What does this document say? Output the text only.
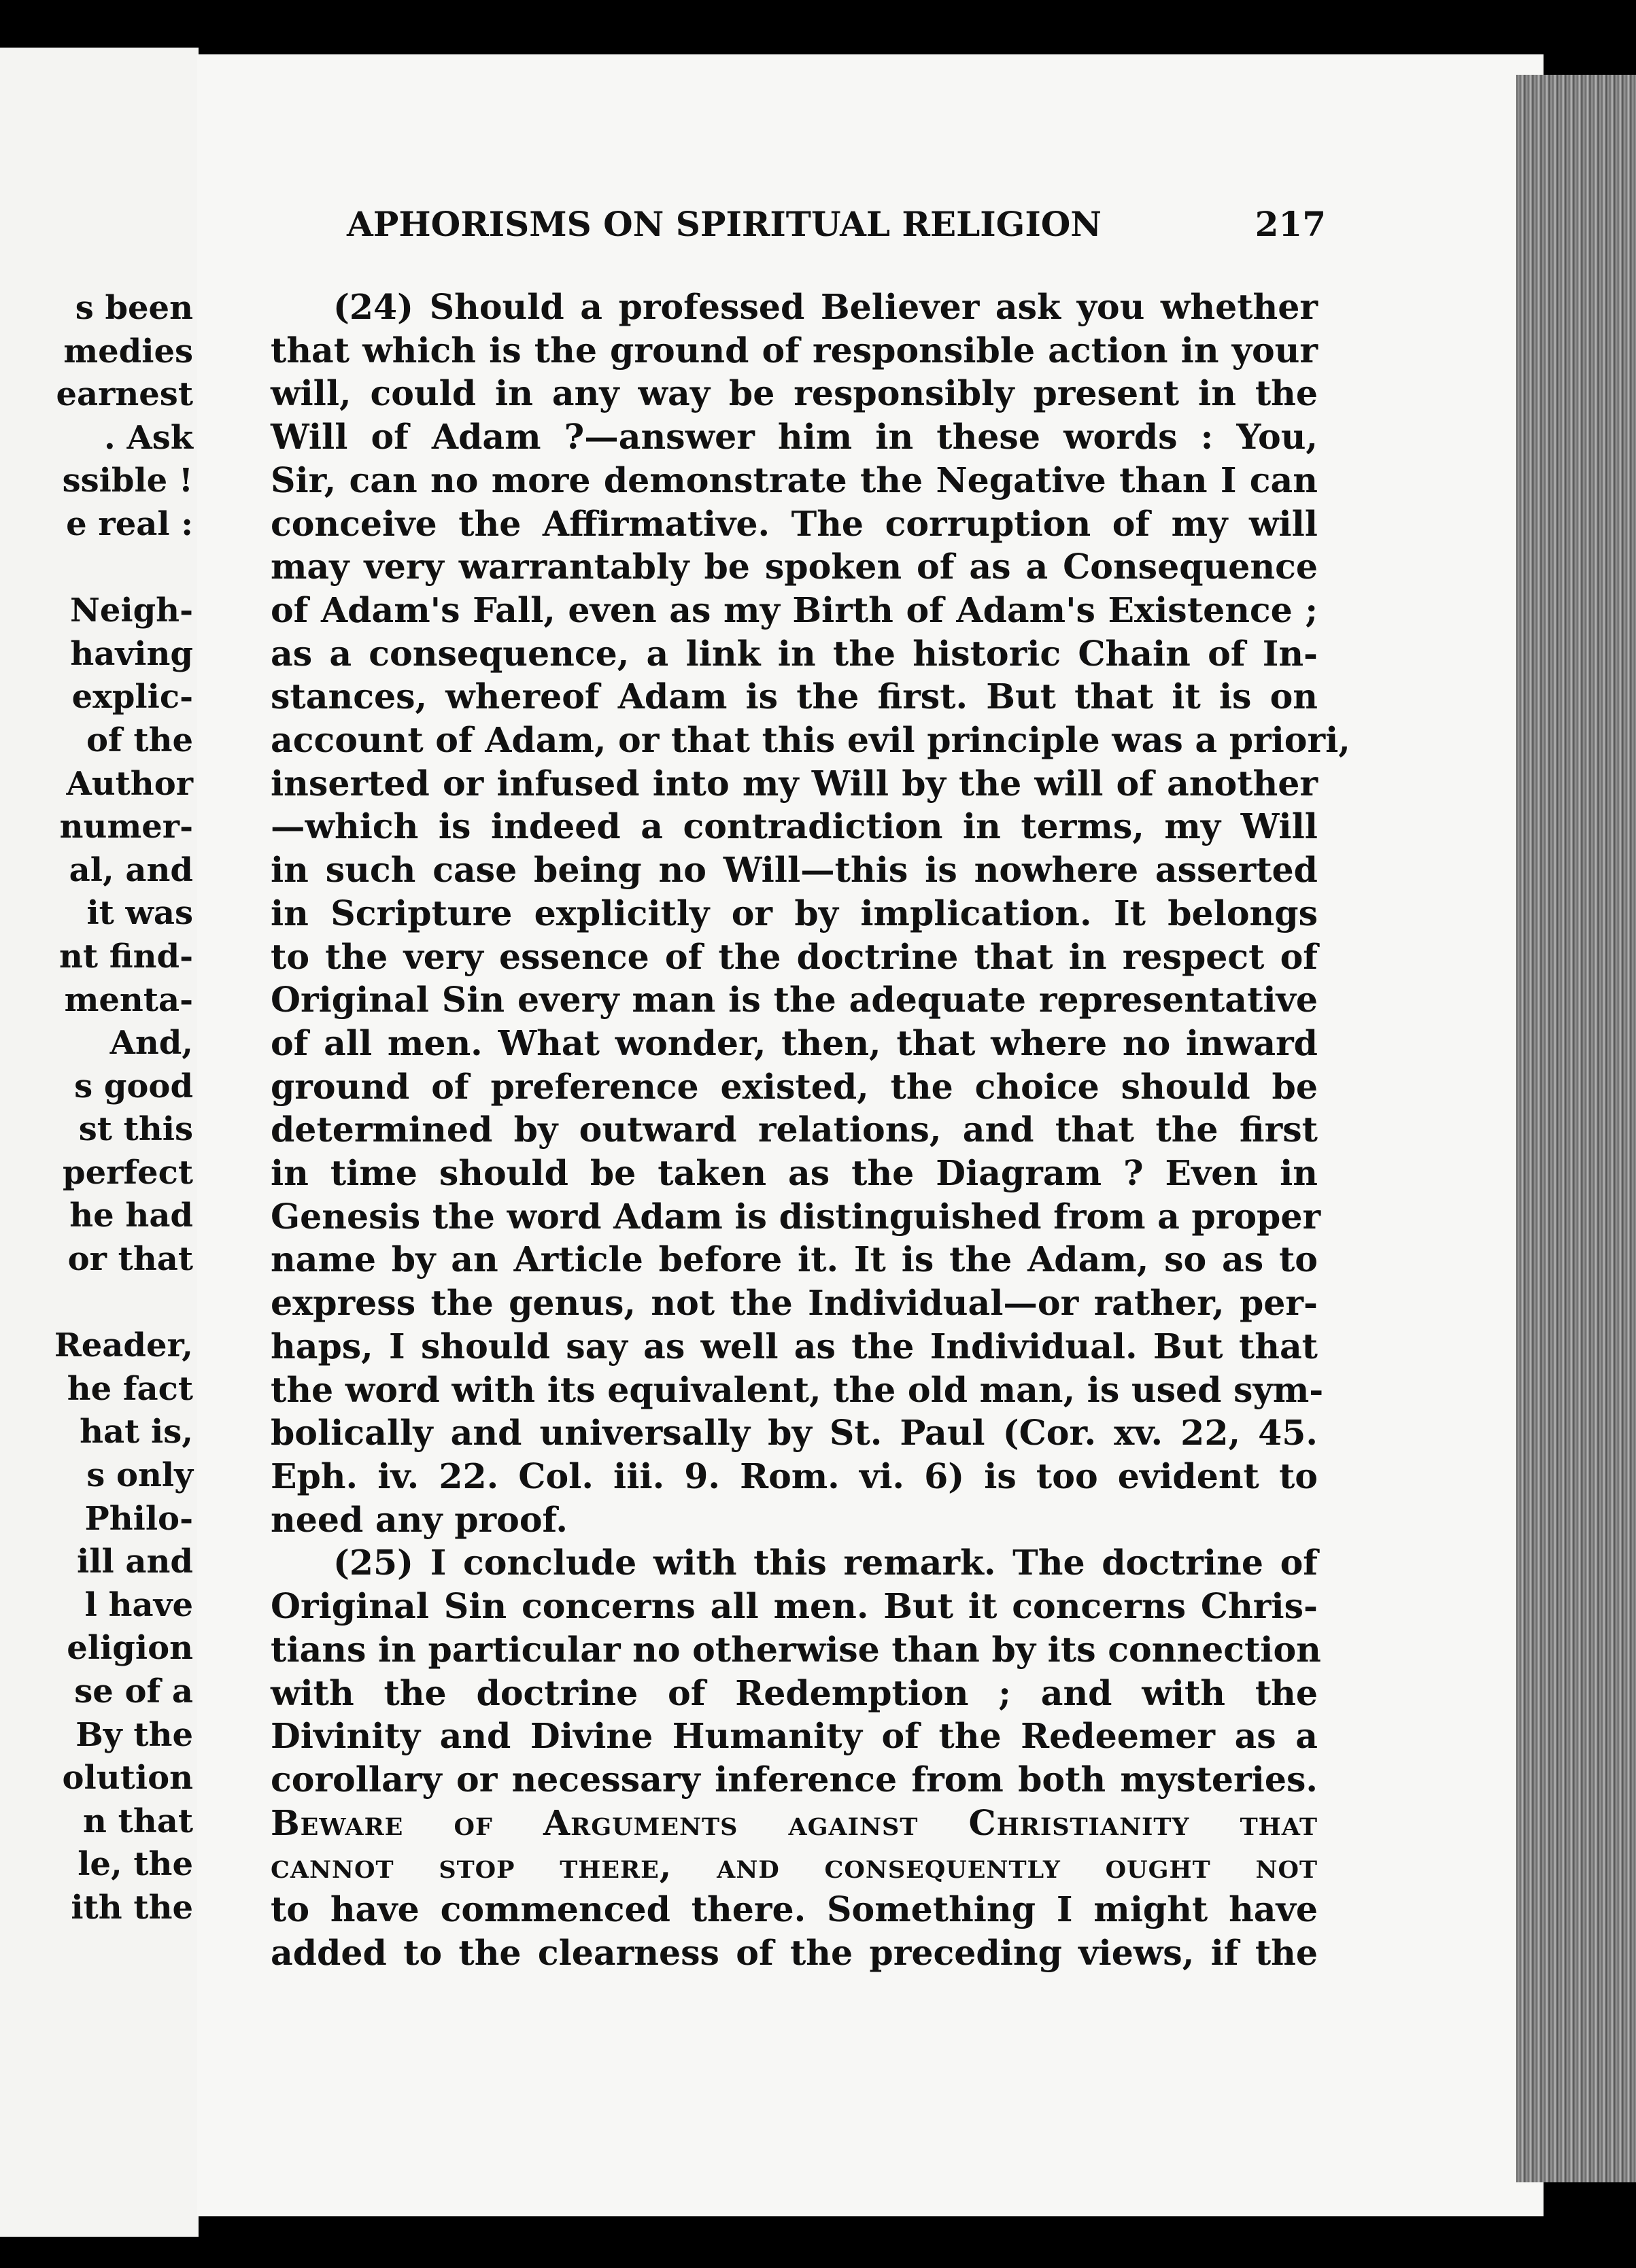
s been
medies
earnest
. Ask
ssible !
e real :
Neigh-
having
explic-
of the
Author
numer-
al, and
it was
nt find-
menta-
And,
s good
st this
perfect
he had
or that
Reader,
he fact
hat is,
s only
Philo-
ill and
l have
eligion
se of a
By the
olution
n that
le, the
ith the
APHORISMS ON SPIRITUAL RELIGION	217
(24) Should a professed Believer ask you whether
that which is the ground of responsible action in your
will, could in any way be responsibly present in the
Will of Adam ?—answer him in these words : You,
Sir, can no more demonstrate the Negative than I can
conceive the Affirmative. The corruption of my will
may very warrantably be spoken of as a Consequence
of Adam's Fall, even as my Birth of Adam's Existence ;
as a consequence, a link in the historic Chain of In-
stances, whereof Adam is the first. But that it is on
account of Adam, or that this evil principle was a priori,
inserted or infused into my Will by the will of another
—which is indeed a contradiction in terms, my Will
in such case being no Will—this is nowhere asserted
in Scripture explicitly or by implication. It belongs
to the very essence of the doctrine that in respect of
Original Sin every man is the adequate representative
of all men. What wonder, then, that where no inward
ground of preference existed, the choice should be
determined by outward relations, and that the first
in time should be taken as the Diagram ? Even in
Genesis the word Adam is distinguished from a proper
name by an Article before it. It is the Adam, so as to
express the genus, not the Individual—or rather, per-
haps, I should say as well as the Individual. But that
the word with its equivalent, the old man, is used sym-
bolically and universally by St. Paul (Cor. xv. 22, 45.
Eph. iv. 22. Col. iii. 9. Rom. vi. 6) is too evident to
need any proof.
(25) I conclude with this remark. The doctrine of
Original Sin concerns all men. But it concerns Chris-
tians in particular no otherwise than by its connection
with the doctrine of Redemption ; and with the
Divinity and Divine Humanity of the Redeemer as a
corollary or necessary inference from both mysteries.
Beware of Arguments against Christianity that
cannot stop there, and consequently ought not
to have commenced there. Something I might have
added to the clearness of the preceding views, if the
